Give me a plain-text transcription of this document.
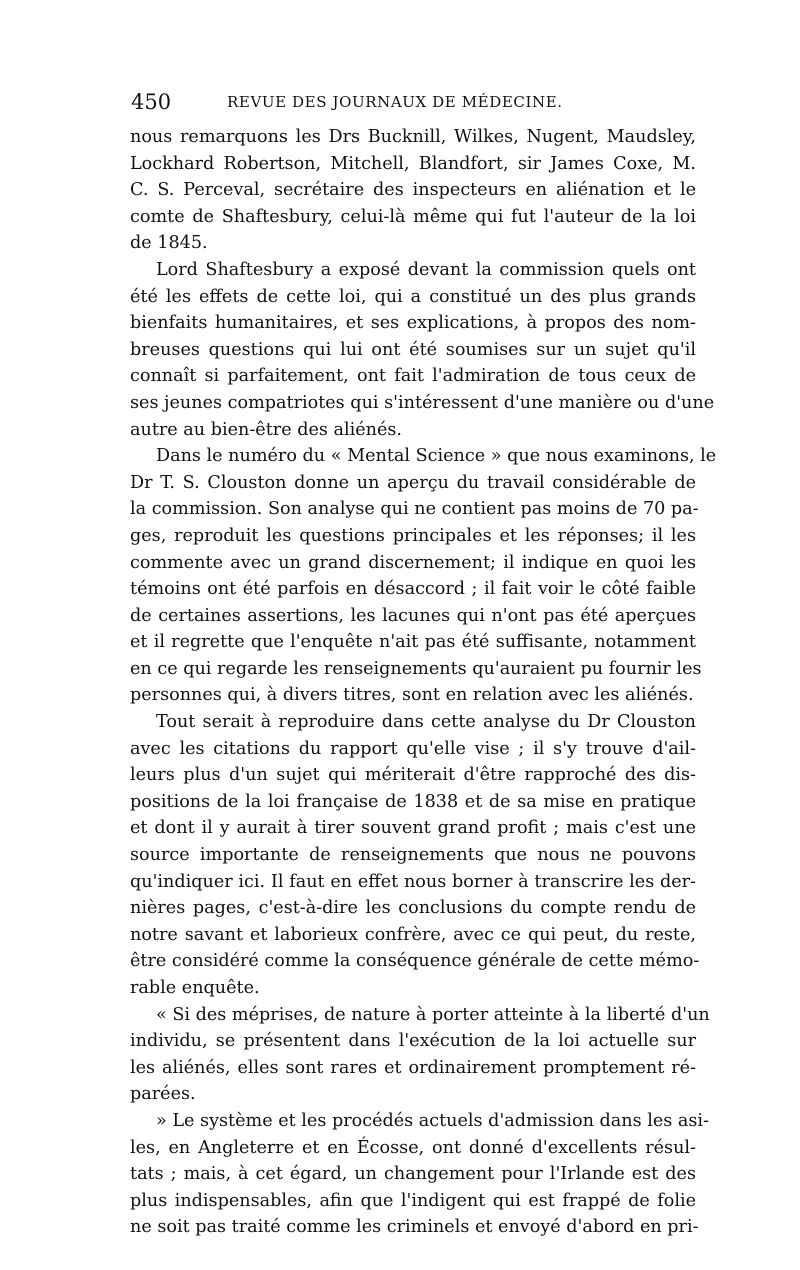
450	REVUE DES JOURNAUX DE MÉDECINE.
nous remarquons les Drs Bucknill, Wilkes, Nugent, Maudsley,
Lockhard Robertson, Mitchell, Blandfort, sir James Coxe, M.
C. S. Perceval, secrétaire des inspecteurs en aliénation et le
comte de Shaftesbury, celui-là même qui fut l'auteur de la loi
de 1845.
Lord Shaftesbury a exposé devant la commission quels ont
été les effets de cette loi, qui a constitué un des plus grands
bienfaits humanitaires, et ses explications, à propos des nom-
breuses questions qui lui ont été soumises sur un sujet qu'il
connaît si parfaitement, ont fait l'admiration de tous ceux de
ses jeunes compatriotes qui s'intéressent d'une manière ou d'une
autre au bien-être des aliénés.
Dans le numéro du « Mental Science » que nous examinons, le
Dr T. S. Clouston donne un aperçu du travail considérable de
la commission. Son analyse qui ne contient pas moins de 70 pa-
ges, reproduit les questions principales et les réponses; il les
commente avec un grand discernement; il indique en quoi les
témoins ont été parfois en désaccord ; il fait voir le côté faible
de certaines assertions, les lacunes qui n'ont pas été aperçues
et il regrette que l'enquête n'ait pas été suffisante, notamment
en ce qui regarde les renseignements qu'auraient pu fournir les
personnes qui, à divers titres, sont en relation avec les aliénés.
Tout serait à reproduire dans cette analyse du Dr Clouston
avec les citations du rapport qu'elle vise ; il s'y trouve d'ail-
leurs plus d'un sujet qui mériterait d'être rapproché des dis-
positions de la loi française de 1838 et de sa mise en pratique
et dont il y aurait à tirer souvent grand profit ; mais c'est une
source importante de renseignements que nous ne pouvons
qu'indiquer ici. Il faut en effet nous borner à transcrire les der-
nières pages, c'est-à-dire les conclusions du compte rendu de
notre savant et laborieux confrère, avec ce qui peut, du reste,
être considéré comme la conséquence générale de cette mémo-
rable enquête.
« Si des méprises, de nature à porter atteinte à la liberté d'un
individu, se présentent dans l'exécution de la loi actuelle sur
les aliénés, elles sont rares et ordinairement promptement ré-
parées.
» Le système et les procédés actuels d'admission dans les asi-
les, en Angleterre et en Écosse, ont donné d'excellents résul-
tats ; mais, à cet égard, un changement pour l'Irlande est des
plus indispensables, afin que l'indigent qui est frappé de folie
ne soit pas traité comme les criminels et envoyé d'abord en pri-
